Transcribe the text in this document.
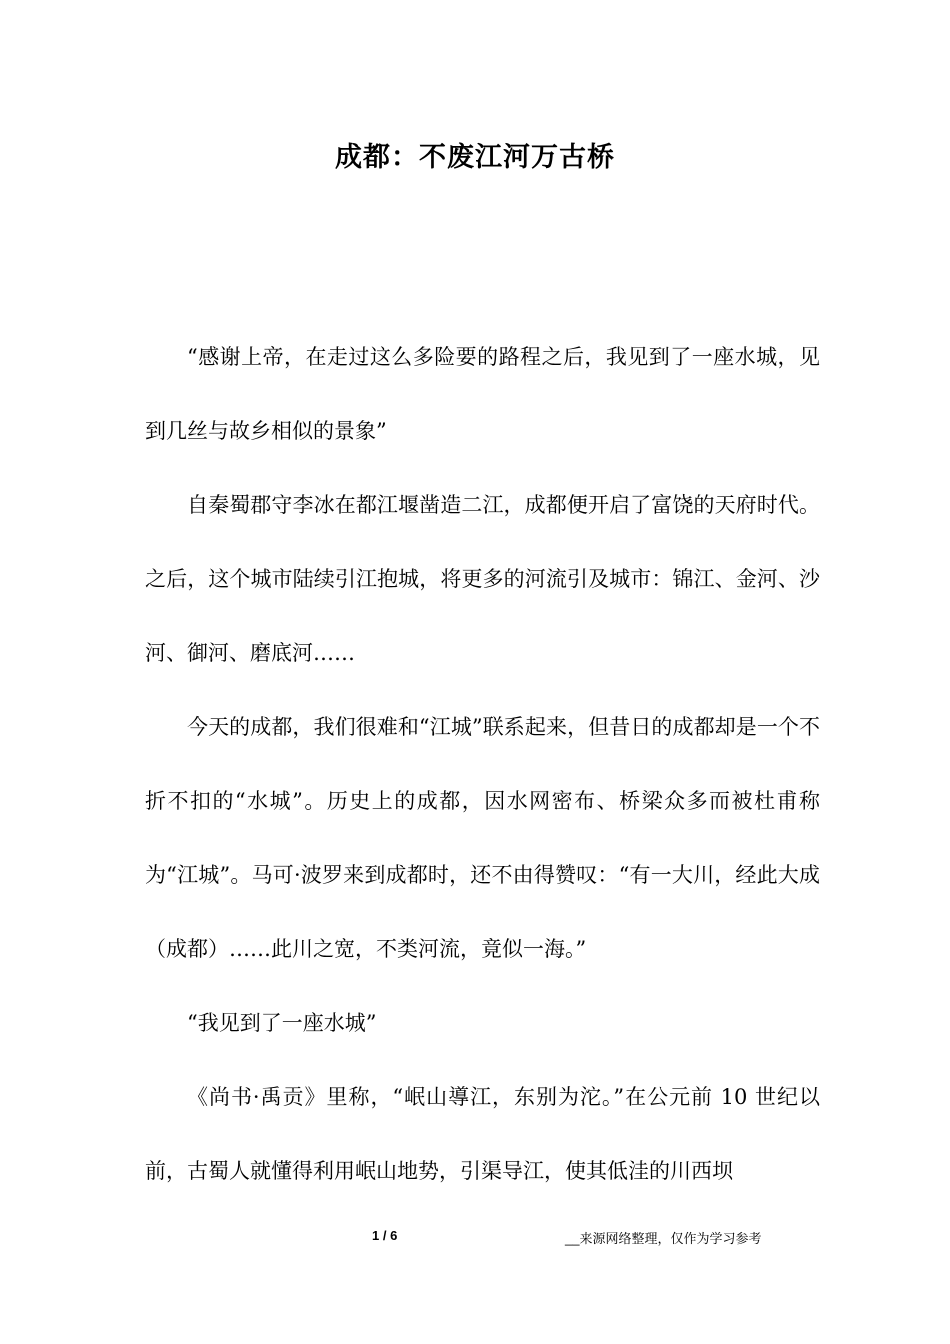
成都：不废江河万古桥

“感谢上帝，在走过这么多险要的路程之后，我见到了一座水城，见到几丝与故乡相似的景象”

自秦蜀郡守李冰在都江堰凿造二江，成都便开启了富饶的天府时代。之后，这个城市陆续引江抱城，将更多的河流引及城市：锦江、金河、沙河、御河、磨底河……

今天的成都，我们很难和“江城”联系起来，但昔日的成都却是一个不折不扣的“水城”。历史上的成都，因水网密布、桥梁众多而被杜甫称为“江城”。马可·波罗来到成都时，还不由得赞叹：“有一大川，经此大成（成都）……此川之宽，不类河流，竟似一海。”

“我见到了一座水城”

《尚书·禹贡》里称，“岷山導江，东别为沱。”在公元前 10 世纪以前，古蜀人就懂得利用岷山地势，引渠导江，使其低洼的川西坝

1 / 6	__来源网络整理，仅作为学习参考
